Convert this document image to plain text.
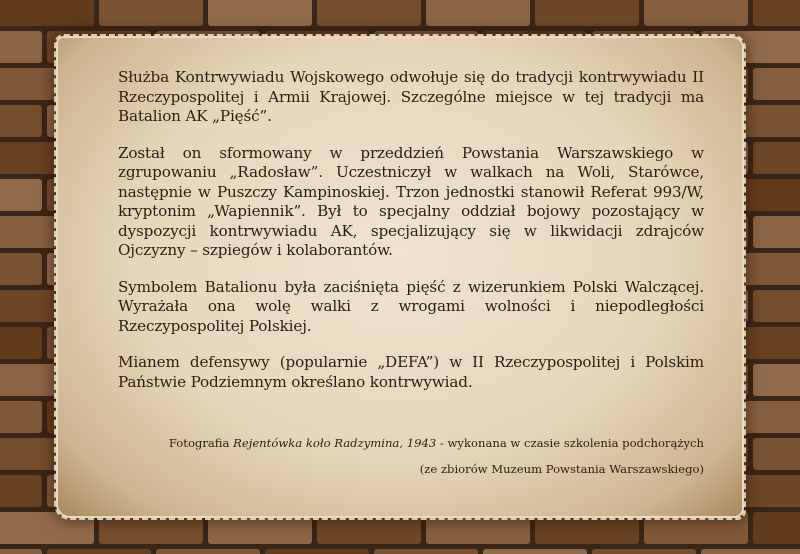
Służba Kontrwywiadu Wojskowego odwołuje się do tradycji kontrwywiadu II Rzeczypospolitej i Armii Krajowej. Szczególne miejsce w tej tradycji ma Batalion AK „Pięść”.

Został on sformowany w przeddzień Powstania Warszawskiego w zgrupowaniu „Radosław”. Uczestniczył w walkach na Woli, Starówce, następnie w Puszczy Kampinoskiej. Trzon jednostki stanowił Referat 993/W, kryptonim „Wapiennik”. Był to specjalny oddział bojowy pozostający w dyspozycji kontrwywiadu AK, specjalizujący się w likwidacji zdrajców Ojczyzny – szpiegów i kolaborantów.

Symbolem Batalionu była zaciśnięta pięść z wizerunkiem Polski Walczącej. Wyrażała ona wolę walki z wrogami wolności i niepodległości Rzeczypospolitej Polskiej.

Mianem defensywy (popularnie „DEFA”) w II Rzeczypospolitej i Polskim Państwie Podziemnym określano kontrwywiad.

Fotografia Rejentówka koło Radzymina, 1943 - wykonana w czasie szkolenia podchorążych
(ze zbiorów Muzeum Powstania Warszawskiego)
